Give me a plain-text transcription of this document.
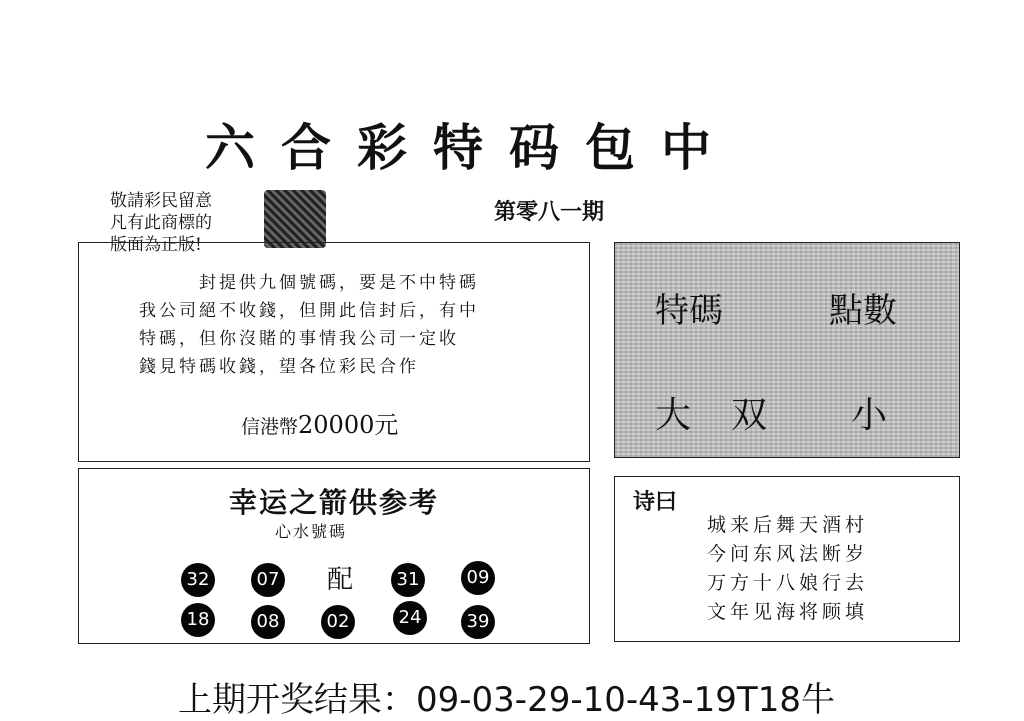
六合彩特码包中
敬請彩民留意
凡有此商標的
版面為正版!
第零八一期
封提供九個號碼，要是不中特碼
我公司絕不收錢，但開此信封后，有中
特碼，但你沒賭的事情我公司一定收
錢見特碼收錢，望各位彩民合作
信港幣20000元
特碼	點數
大 双 小
幸运之箭供参考
心水號碼
32	07 配	31	09
18	08	02	24	39
诗曰
城来后舞天酒村
今问东风法断岁
万方十八娘行去
文年见海将顾填
上期开奖结果：09-03-29-10-43-19T18牛
